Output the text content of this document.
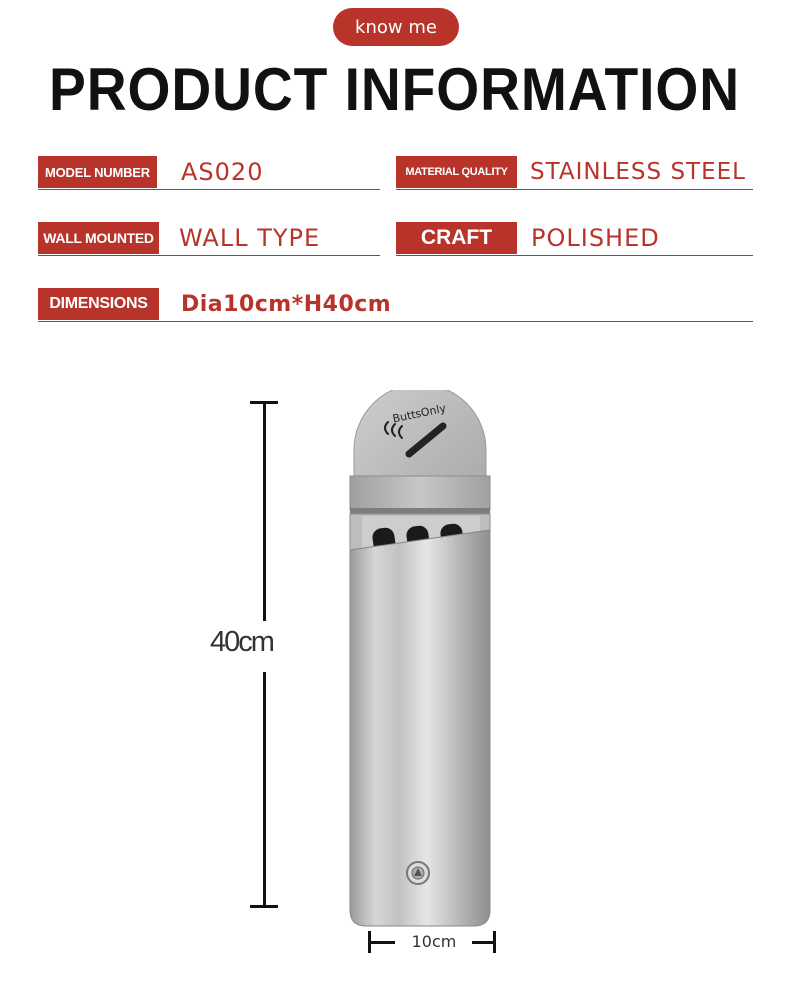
know me
PRODUCT INFORMATION
MODEL NUMBER AS020	MATERIAL QUALITY STAINLESS STEEL
WALL MOUNTED WALL TYPE	CRAFT	POLISHED
DIMENSIONS	Dia10cm*H40cm
40cm
10cm
ButtsOnly
